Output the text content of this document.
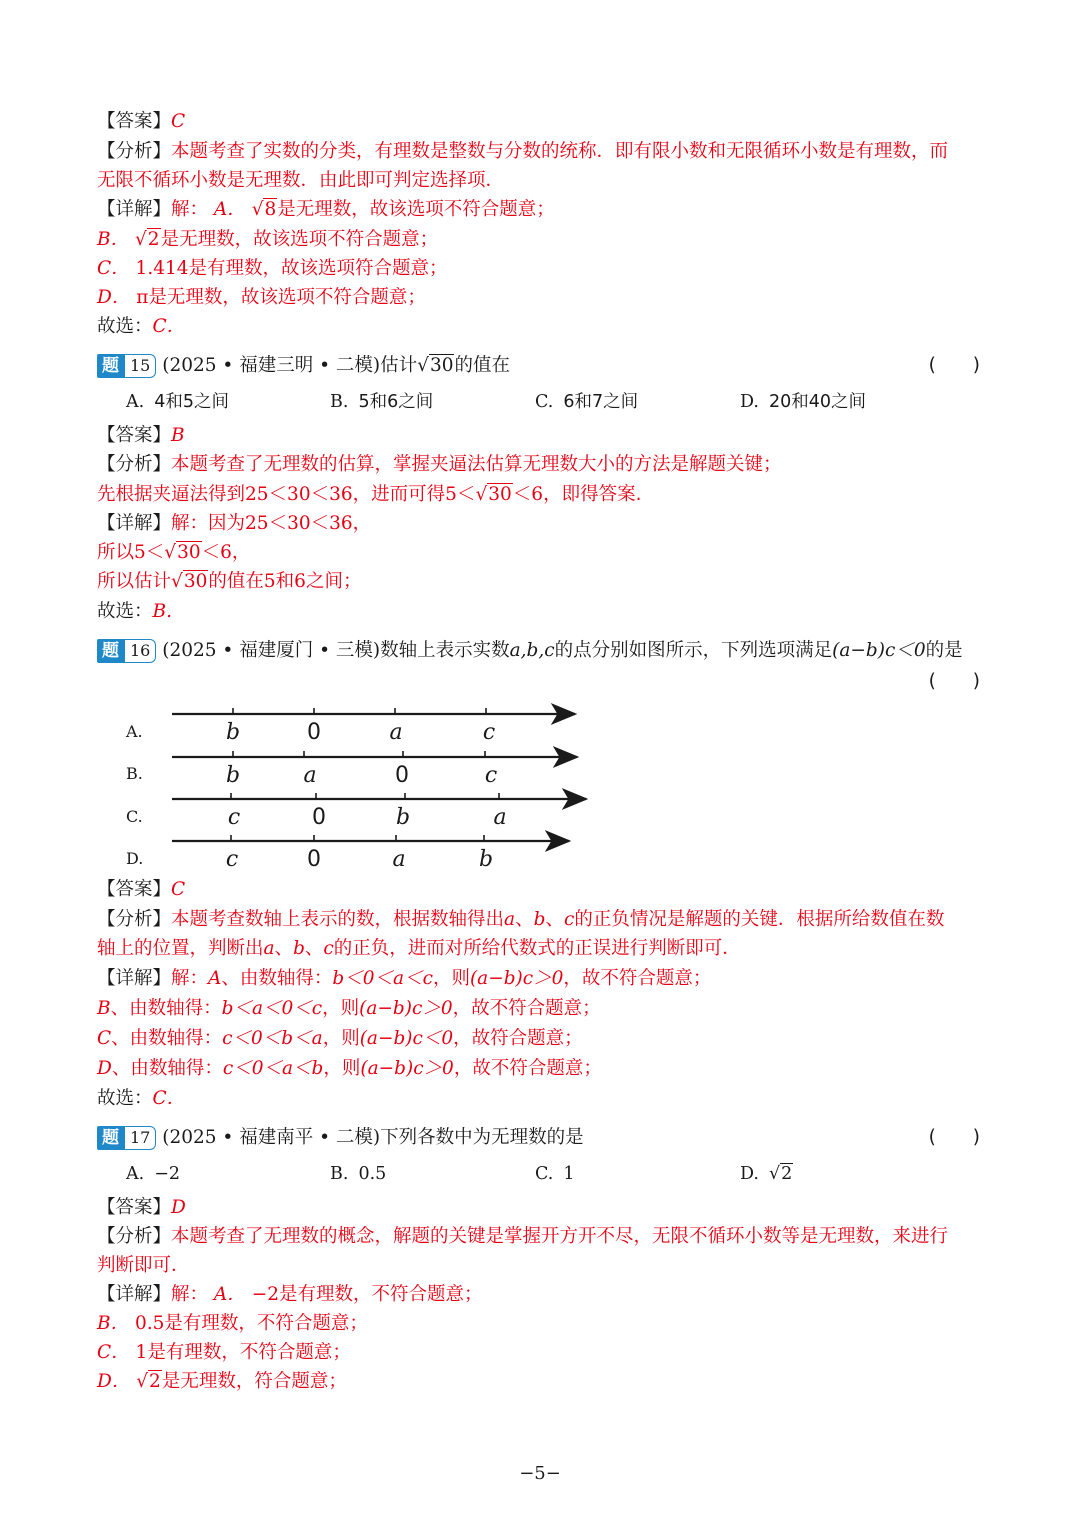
【答案】C
【分析】本题考查了实数的分类，有理数是整数与分数的统称．即有限小数和无限循环小数是有理数，而
无限不循环小数是无理数．由此即可判定选择项．
【详解】解： A． √8是无理数，故该选项不符合题意；
B． √2是无理数，故该选项不符合题意；
C． 1.414是有理数，故该选项符合题意；
D． π是无理数，故该选项不符合题意；
故选：C．
题 15 (2025 • 福建三明 • 二模)估计√30的值在	(　　)
A. 4和5之间	B. 5和6之间	C. 6和7之间	D. 20和40之间
【答案】B
【分析】本题考查了无理数的估算，掌握夹逼法估算无理数大小的方法是解题关键；
先根据夹逼法得到25＜30＜36，进而可得5＜√30＜6，即得答案.
【详解】解：因为25＜30＜36，
所以5＜√30＜6，
所以估计√30的值在5和6之间；
故选：B.
题 16 (2025 • 福建厦门 • 三模)数轴上表示实数a,b,c的点分别如图所示，下列选项满足(a−b)c＜0的是
(　　)
A.	b	0	a	c
B.	b	a	0	c
C.	c	0	b	a
D.	c	0	a	b
【答案】C
【分析】本题考查数轴上表示的数，根据数轴得出a、b、c的正负情况是解题的关键．根据所给数值在数
轴上的位置，判断出a、b、c的正负，进而对所给代数式的正误进行判断即可．
【详解】解：A、由数轴得：b＜0＜a＜c，则(a−b)c＞0，故不符合题意；
B、由数轴得：b＜a＜0＜c，则(a−b)c＞0，故不符合题意；
C、由数轴得：c＜0＜b＜a，则(a−b)c＜0，故符合题意；
D、由数轴得：c＜0＜a＜b，则(a−b)c＞0，故不符合题意；
故选：C．
题 17 (2025 • 福建南平 • 二模)下列各数中为无理数的是	(　　)
A. −2	B. 0.5	C. 1	D. √2
【答案】D
【分析】本题考查了无理数的概念，解题的关键是掌握开方开不尽，无限不循环小数等是无理数，来进行
判断即可．
【详解】解： A． −2是有理数，不符合题意；
B． 0.5是有理数，不符合题意；
C． 1是有理数，不符合题意；
D． √2是无理数，符合题意；
−5−
